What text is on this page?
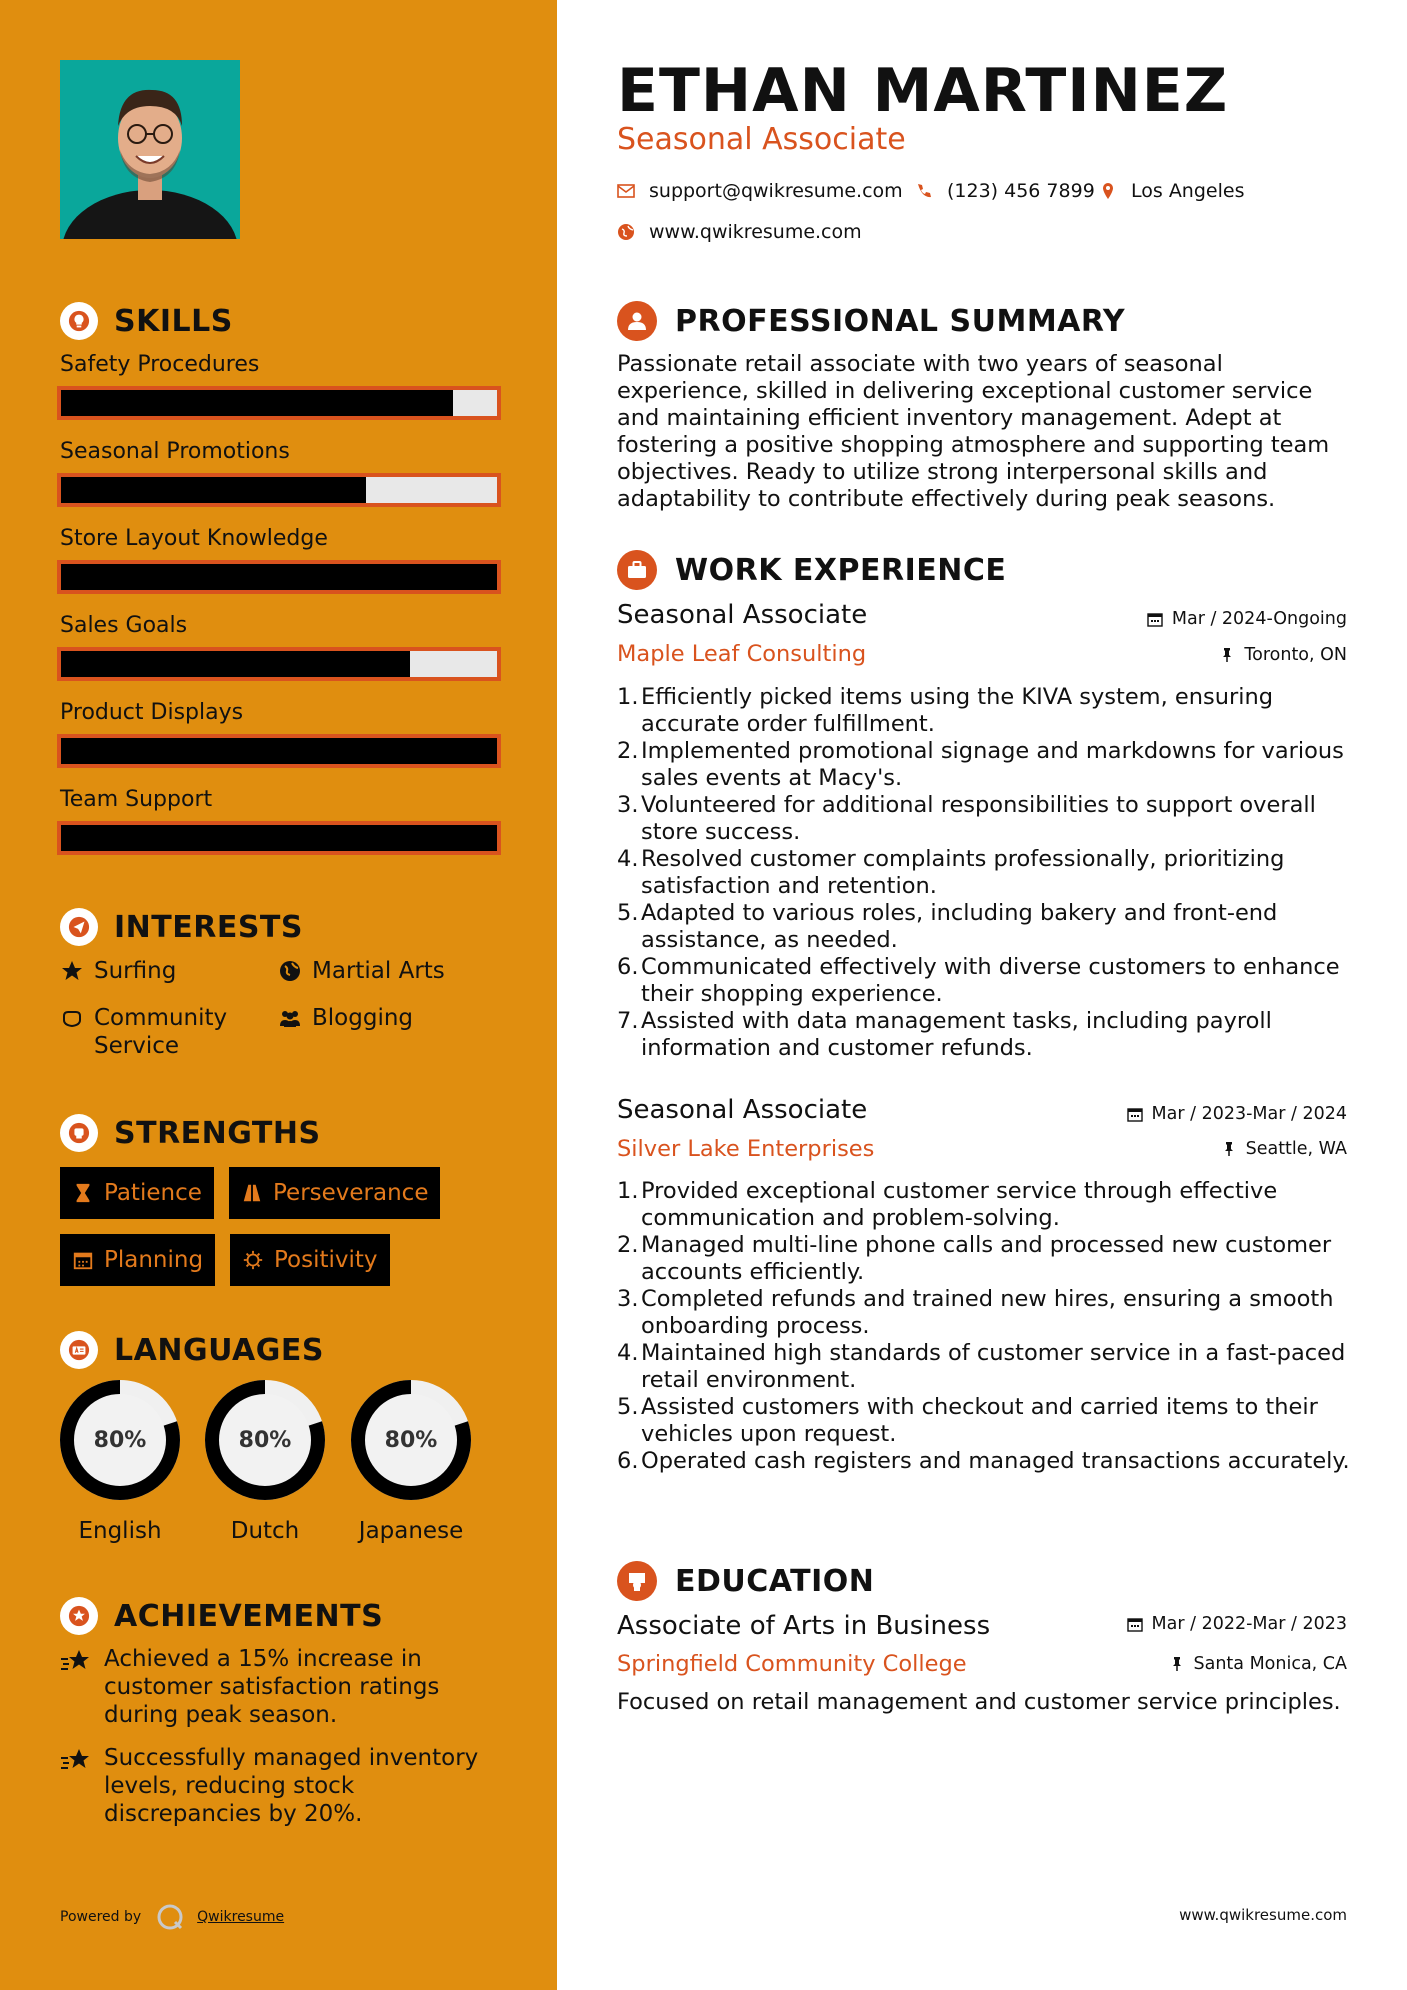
SKILLS
Safety Procedures
Seasonal Promotions
Store Layout Knowledge
Sales Goals
Product Displays
Team Support
INTERESTS
Surfing	Martial Arts
Community Service
Blogging
STRENGTHS
Patience	Perseverance
Planning	Positivity
LANGUAGES
80%
English
80%
Dutch
80%
Japanese
ACHIEVEMENTS
Achieved a 15% increase in customer satisfaction ratings during peak season.
Successfully managed inventory levels, reducing stock discrepancies by 20%.
Powered by	Qwikresume
ETHAN MARTINEZ
Seasonal Associate
support@qwikresume.com (123) 456 7899 Los Angeles
www.qwikresume.com
PROFESSIONAL SUMMARY

Passionate retail associate with two years of seasonal experience, skilled in delivering exceptional customer service and maintaining efficient inventory management. Adept at fostering a positive shopping atmosphere and supporting team objectives. Ready to utilize strong interpersonal skills and adaptability to contribute effectively during peak seasons.

WORK EXPERIENCE
Seasonal Associate	Mar / 2024-Ongoing
Maple Leaf Consulting	Toronto, ON
1. Efficiently picked items using the KIVA system, ensuring accurate order fulfillment.
2. Implemented promotional signage and markdowns for various sales events at Macy's.
3. Volunteered for additional responsibilities to support overall store success.
4. Resolved customer complaints professionally, prioritizing satisfaction and retention.
5. Adapted to various roles, including bakery and front-end assistance, as needed.
6. Communicated effectively with diverse customers to enhance their shopping experience.
7. Assisted with data management tasks, including payroll information and customer refunds.
Seasonal Associate	Mar / 2023-Mar / 2024
Silver Lake Enterprises	Seattle, WA
1. Provided exceptional customer service through effective communication and problem-solving.
2. Managed multi-line phone calls and processed new customer accounts efficiently.
3. Completed refunds and trained new hires, ensuring a smooth onboarding process.
4. Maintained high standards of customer service in a fast-paced retail environment.
5. Assisted customers with checkout and carried items to their vehicles upon request.
6. Operated cash registers and managed transactions accurately.
EDUCATION
Associate of Arts in Business	Mar / 2022-Mar / 2023
Springfield Community College	Santa Monica, CA
Focused on retail management and customer service principles.
www.qwikresume.com
